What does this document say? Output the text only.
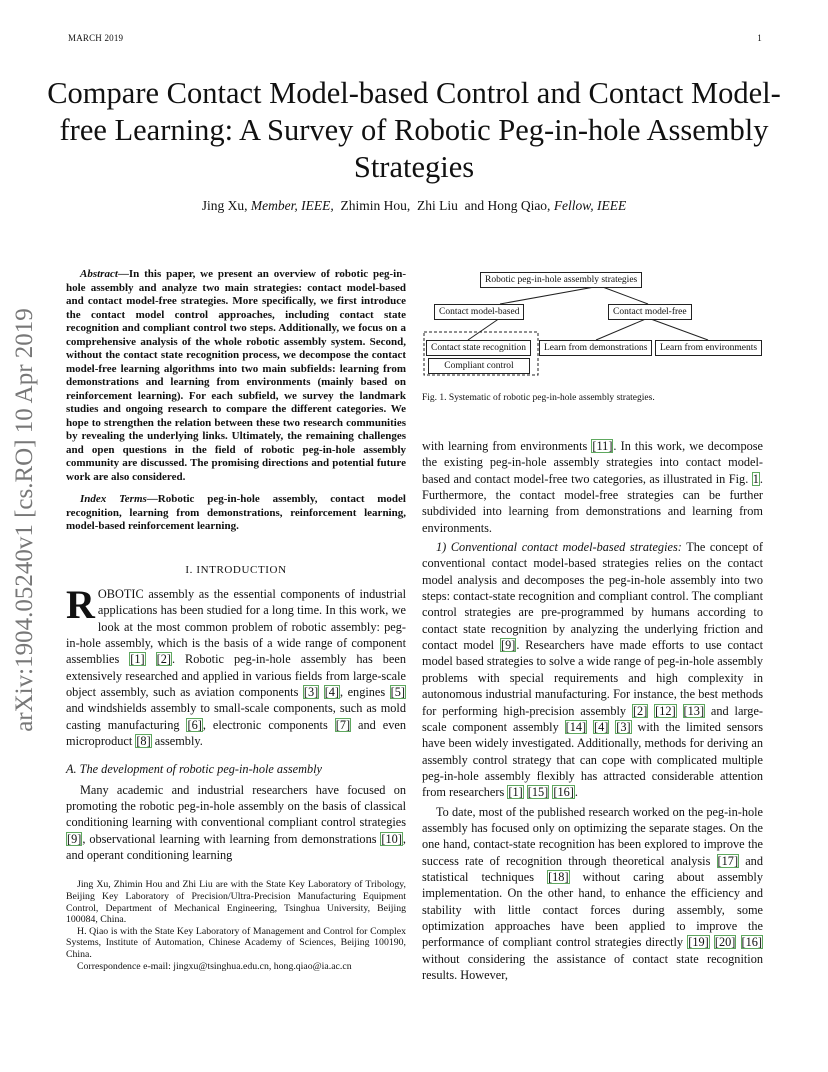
MARCH 2019	1
Compare Contact Model-based Control and Contact Model-free Learning: A Survey of Robotic Peg-in-hole Assembly Strategies
Jing Xu, Member, IEEE, Zhimin Hou, Zhi Liu and Hong Qiao, Fellow, IEEE
arXiv:1904.05240v1 [cs.RO] 10 Apr 2019

Abstract—In this paper, we present an overview of robotic peg-in-hole assembly and analyze two main strategies: contact model-based and contact model-free strategies. More specifically, we first introduce the contact model control approaches, including contact state recognition and compliant control two steps. Additionally, we focus on a comprehensive analysis of the whole robotic assembly system. Second, without the contact state recognition process, we decompose the contact model-free learning algorithms into two main subfields: learning from demonstrations and learning from environments (mainly based on reinforcement learning). For each subfield, we survey the landmark studies and ongoing research to compare the different categories. We hope to strengthen the relation between these two research communities by revealing the underlying links. Ultimately, the remaining challenges and open questions in the field of robotic peg-in-hole assembly community are discussed. The promising directions and potential future work are also considered.

Index Terms—Robotic peg-in-hole assembly, contact model recognition, learning from demonstrations, reinforcement learning, model-based reinforcement learning.

I. INTRODUCTION

ROBOTIC assembly as the essential components of industrial applications has been studied for a long time. In this work, we look at the most common problem of robotic assembly: peg-in-hole assembly, which is the basis of a wide range of component assemblies [1] [2]. Robotic peg-in-hole assembly has been extensively researched and applied in various fields from large-scale object assembly, such as aviation components [3] [4], engines [5] and windshields assembly to small-scale components, such as mold casting manufacturing [6], electronic components [7] and even microproduct [8] assembly.

A. The development of robotic peg-in-hole assembly

Many academic and industrial researchers have focused on promoting the robotic peg-in-hole assembly on the basis of classical conditioning learning with conventional compliant control strategies [9], observational learning with learning from demonstrations [10], and operant conditioning learning

Jing Xu, Zhimin Hou and Zhi Liu are with the State Key Laboratory of Tribology, Beijing Key Laboratory of Precision/Ultra-Precision Manufacturing Equipment Control, Department of Mechanical Engineering, Tsinghua University, Beijing 100084, China.

H. Qiao is with the State Key Laboratory of Management and Control for Complex Systems, Institute of Automation, Chinese Academy of Sciences, Beijing 100190, China.

Correspondence e-mail: jingxu@tsinghua.edu.cn, hong.qiao@ia.ac.cn

Robotic peg-in-hole assembly strategies
Contact model-based	Contact model-free
Contact state recognition
Compliant control
Learn from demonstrations	Learn from environments
Fig. 1. Systematic of robotic peg-in-hole assembly strategies.

with learning from environments [11]. In this work, we decompose the existing peg-in-hole assembly strategies into contact model-based and contact model-free two categories, as illustrated in Fig. 1. Furthermore, the contact model-free strategies can be further subdivided into learning from demonstrations and learning from environments.

1) Conventional contact model-based strategies: The concept of conventional contact model-based strategies relies on the contact model analysis and decomposes the peg-in-hole assembly into two steps: contact-state recognition and compliant control. The compliant control strategies are pre-programmed by humans according to contact state recognition by analyzing the underlying friction and contact model [9]. Researchers have made efforts to use contact model based strategies to solve a wide range of peg-in-hole assembly problems with special requirements and high complexity in autonomous industrial manufacturing. For instance, the best methods for performing high-precision assembly [2] [12] [13] and large-scale component assembly [14] [4] [3] with the limited sensors have been widely investigated. Additionally, methods for deriving an assembly control strategy that can cope with complicated multiple peg-in-hole assembly flexibly has attracted considerable attention from researchers [1] [15] [16].

To date, most of the published research worked on the peg-in-hole assembly has focused only on optimizing the separate stages. On the one hand, contact-state recognition has been explored to improve the success rate of recognition through theoretical analysis [17] and statistical techniques [18] without caring about assembly implementation. On the other hand, to enhance the efficiency and stability with little contact forces during assembly, some optimization approaches have been applied to improve the performance of compliant control strategies directly [19] [20] [16] without considering the assistance of contact state recognition results. However,
